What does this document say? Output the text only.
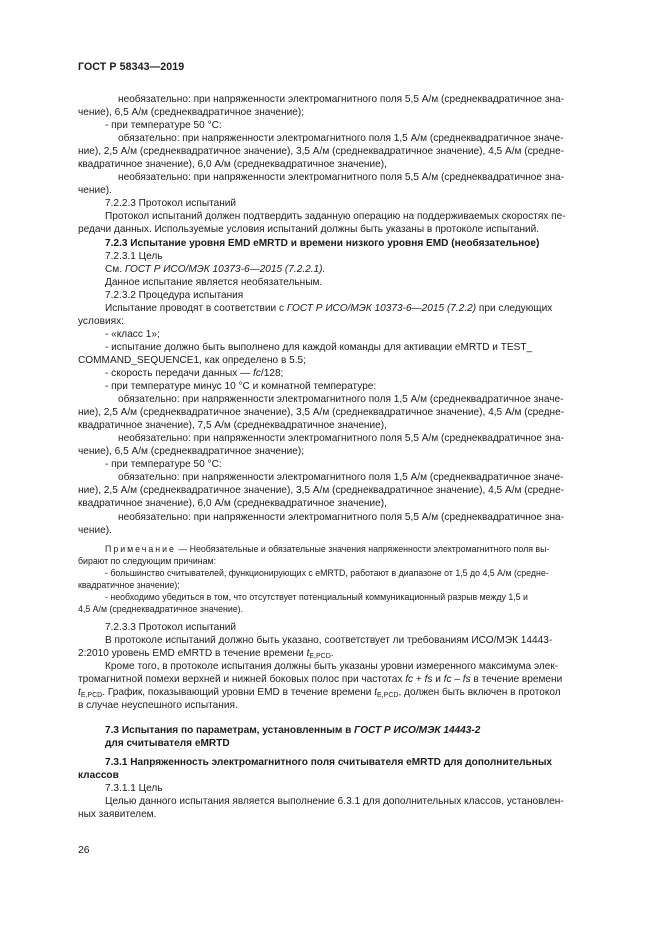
ГОСТ Р 58343—2019

необязательно: при напряженности электромагнитного поля 5,5 А/м (среднеквадратичное зна-

чение), 6,5 А/м (среднеквадратичное значение);

- при температуре 50 °C:

обязательно: при напряженности электромагнитного поля 1,5 А/м (среднеквадратичное значе-

ние), 2,5 А/м (среднеквадратичное значение), 3,5 А/м (среднеквадратичное значение), 4,5 А/м (средне-

квадратичное значение), 6,0 А/м (среднеквадратичное значение),

необязательно: при напряженности электромагнитного поля 5,5 А/м (среднеквадратичное зна-

чение).

7.2.2.3 Протокол испытаний

Протокол испытаний должен подтвердить заданную операцию на поддерживаемых скоростях пе-

редачи данных. Используемые условия испытаний должны быть указаны в протоколе испытаний.

7.2.3 Испытание уровня EMD eMRTD и времени низкого уровня EMD (необязательное)

7.2.3.1 Цель

См. ГОСТ Р ИСО/МЭК 10373-6—2015 (7.2.2.1).

Данное испытание является необязательным.

7.2.3.2 Процедура испытания

Испытание проводят в соответствии с ГОСТ Р ИСО/МЭК 10373-6—2015 (7.2.2) при следующих

условиях:

- «класс 1»;

- испытание должно быть выполнено для каждой команды для активации eMRTD и TEST_

COMMAND_SEQUENCE1, как определено в 5.5;

- скорость передачи данных — fc/128;

- при температуре минус 10 °C и комнатной температуре:

обязательно: при напряженности электромагнитного поля 1,5 А/м (среднеквадратичное значе-

ние), 2,5 А/м (среднеквадратичное значение), 3,5 А/м (среднеквадратичное значение), 4,5 А/м (средне-

квадратичное значение), 7,5 А/м (среднеквадратичное значение),

необязательно: при напряженности электромагнитного поля 5,5 А/м (среднеквадратичное зна-

чение), 6,5 А/м (среднеквадратичное значение);

- при температуре 50 °C:

обязательно: при напряженности электромагнитного поля 1,5 А/м (среднеквадратичное значе-

ние), 2,5 А/м (среднеквадратичное значение), 3,5 А/м (среднеквадратичное значение), 4,5 А/м (средне-

квадратичное значение), 6,0 А/м (среднеквадратичное значение),

необязательно: при напряженности электромагнитного поля 5,5 А/м (среднеквадратичное зна-

чение).

Примечание — Необязательные и обязательные значения напряженности электромагнитного поля вы-

бирают по следующим причинам:

- большинство считывателей, функционирующих с eMRTD, работают в диапазоне от 1,5 до 4,5 А/м (средне-

квадратичное значение);

- необходимо убедиться в том, что отсутствует потенциальный коммуникационный разрыв между 1,5 и

4,5 А/м (среднеквадратичное значение).

7.2.3.3 Протокол испытаний

В протоколе испытаний должно быть указано, соответствует ли требованиям ИСО/МЭК 14443-

2:2010 уровень EMD eMRTD в течение времени $t_{E,PCD}$.

Кроме того, в протоколе испытания должны быть указаны уровни измеренного максимума элек-

тромагнитной помехи верхней и нижней боковых полос при частотах fc + fs и fc – fs в течение времени

$t_{E,PCD}$. График, показывающий уровни EMD в течение времени $t_{E,PCD}$, должен быть включен в протокол

в случае неуспешного испытания.

7.3 Испытания по параметрам, установленным в ГОСТ Р ИСО/МЭК 14443-2

для считывателя eMRTD

7.3.1 Напряженность электромагнитного поля считывателя eMRTD для дополнительных

классов

7.3.1.1 Цель

Целью данного испытания является выполнение 6.3.1 для дополнительных классов, установлен-

ных заявителем.

26
